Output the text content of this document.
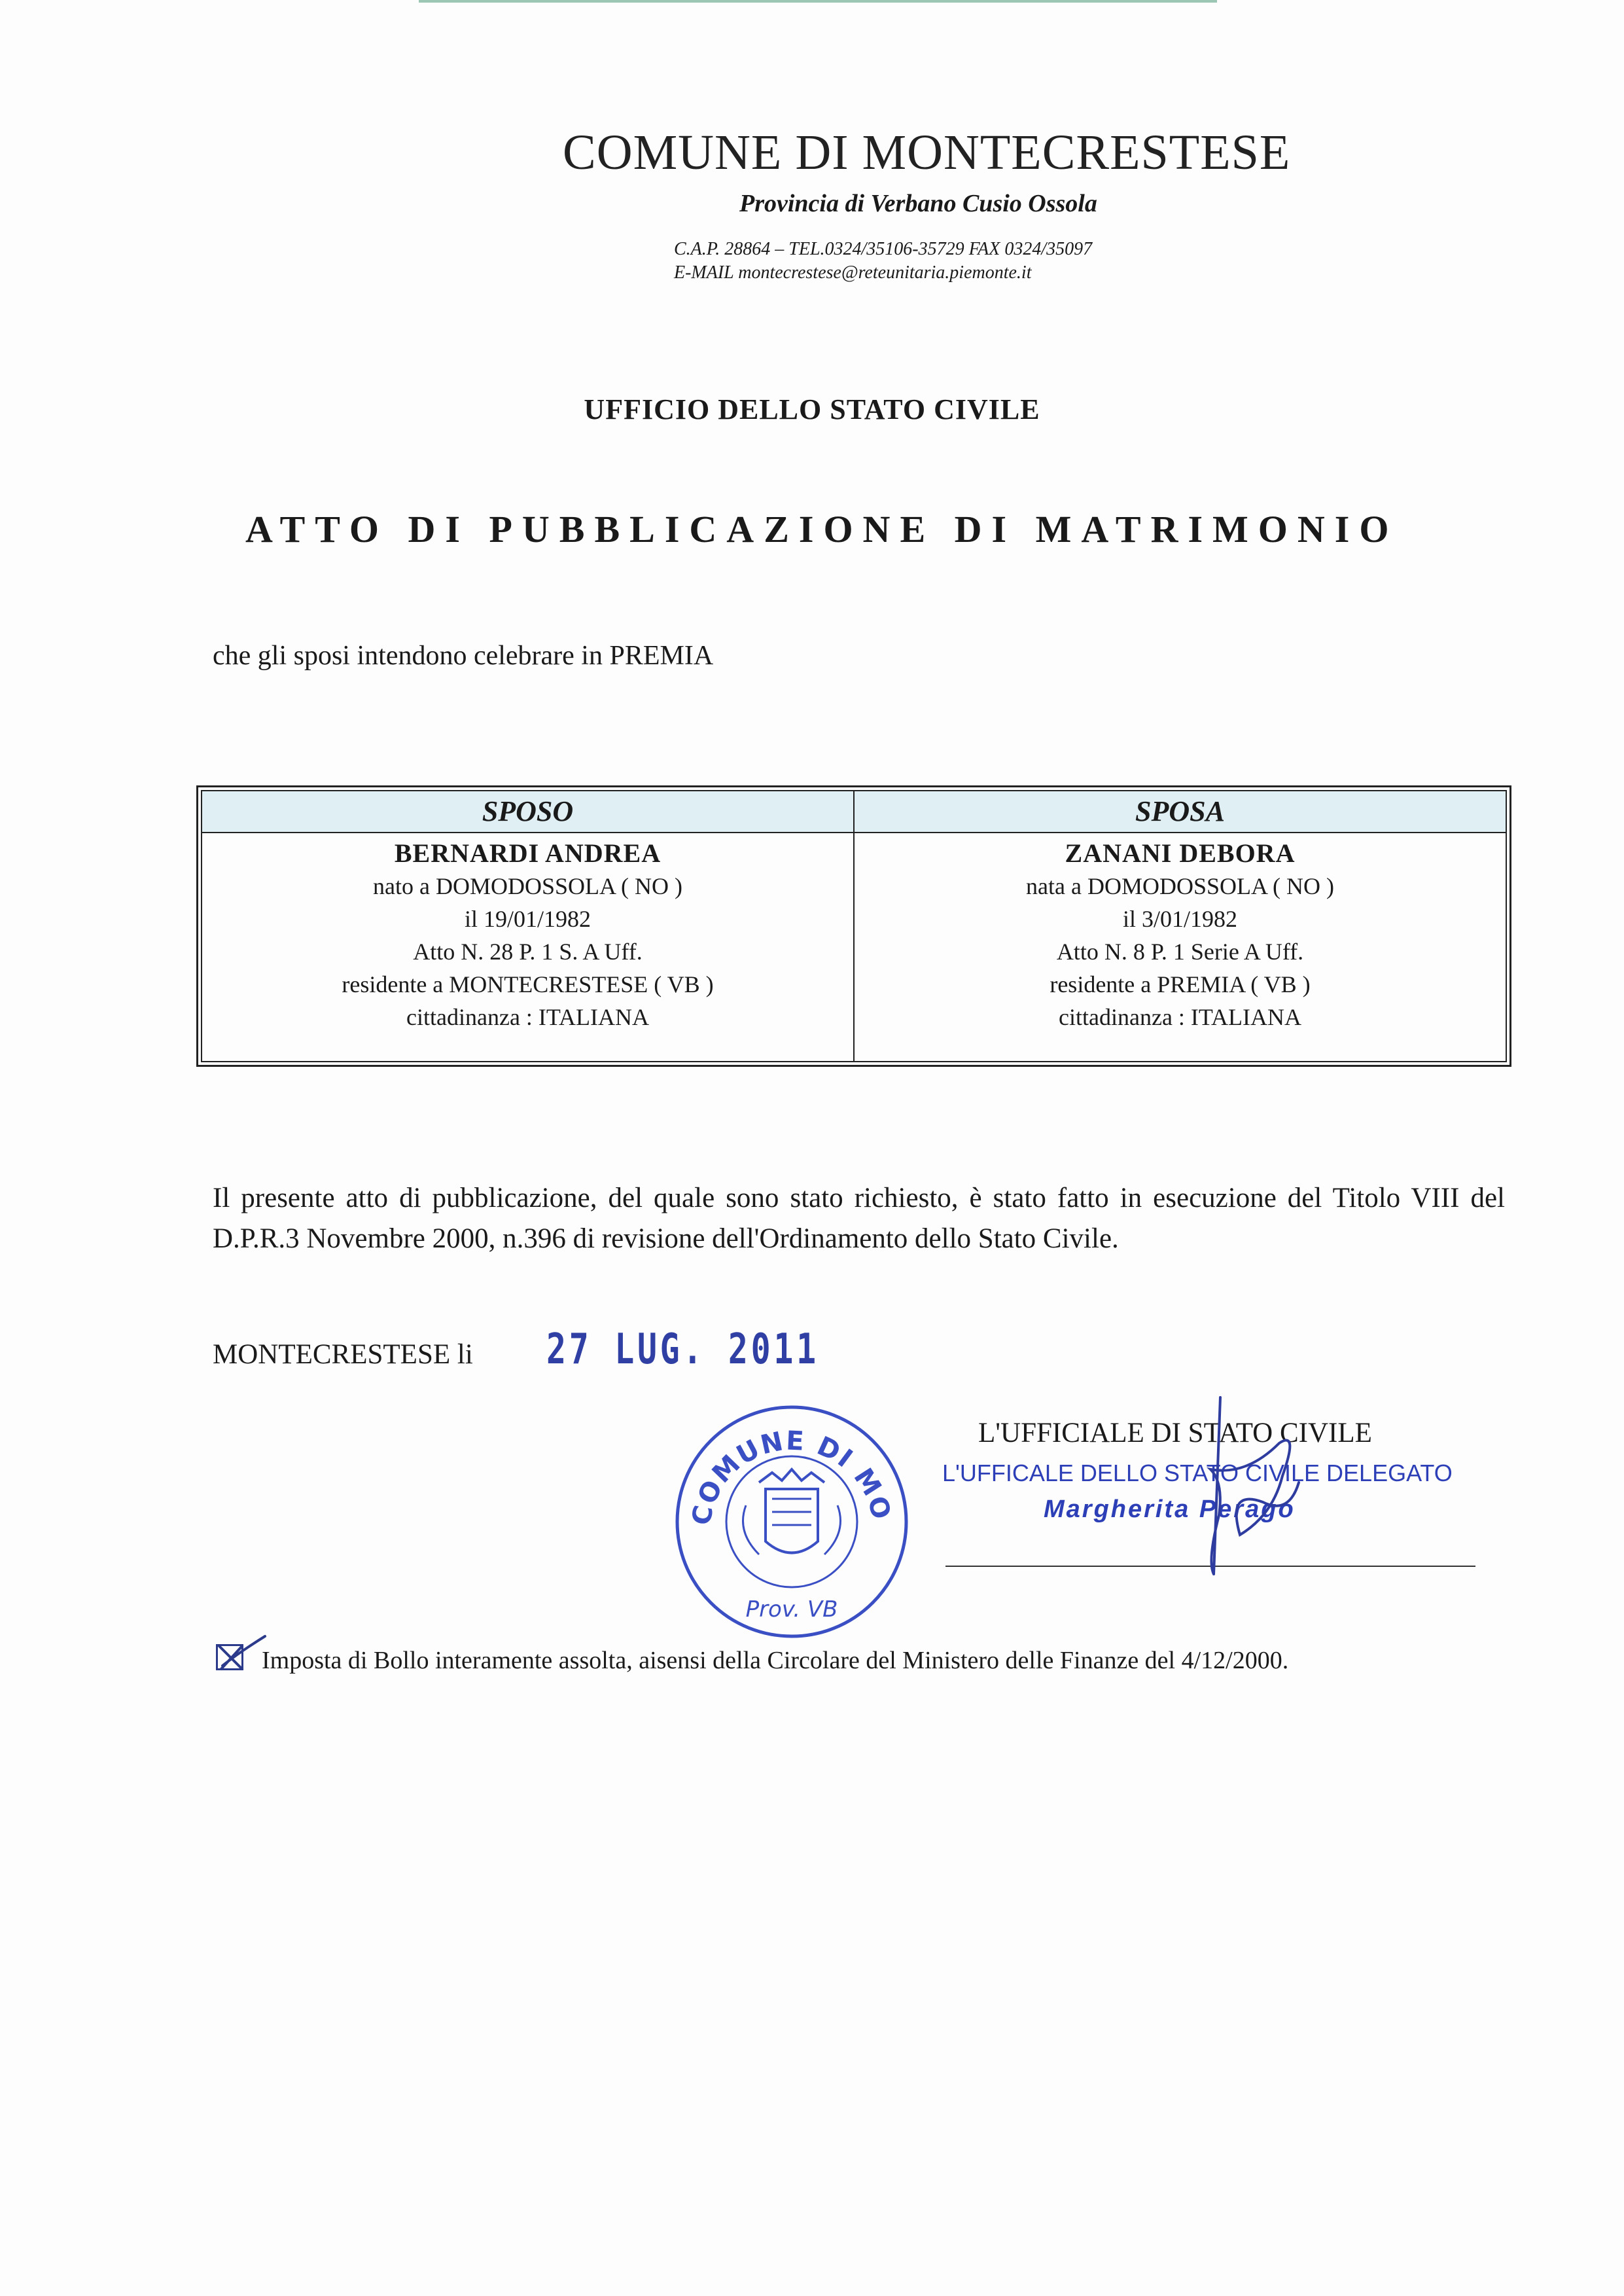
COMUNE DI MONTECRESTESE
Provincia di Verbano Cusio Ossola
C.A.P. 28864 – TEL.0324/35106-35729 FAX 0324/35097
E-MAIL montecrestese@reteunitaria.piemonte.it
UFFICIO DELLO STATO CIVILE
ATTO DI PUBBLICAZIONE DI MATRIMONIO
che gli sposi intendono celebrare in PREMIA
SPOSO
BERNARDI ANDREA
nato a DOMODOSSOLA ( NO )
il 19/01/1982
Atto N. 28 P. 1 S. A Uff.
residente a MONTECRESTESE ( VB )
cittadinanza : ITALIANA
SPOSA
ZANANI DEBORA
nata a DOMODOSSOLA ( NO )
il 3/01/1982
Atto N. 8 P. 1 Serie A Uff.
residente a PREMIA ( VB )
cittadinanza : ITALIANA
Il presente atto di pubblicazione, del quale sono stato richiesto, è stato fatto in esecuzione del Titolo VIII del D.P.R.3 Novembre 2000, n.396 di revisione dell'Ordinamento dello Stato Civile.
MONTECRESTESE li 27 LUG. 2011
COMUNE DI MO
Prov. VB
L'UFFICIALE DI STATO CIVILE
L'UFFICALE DELLO STATO CIVILE DELEGATO
Margherita Perago
Imposta di Bollo interamente assolta, aisensi della Circolare del Ministero delle Finanze del 4/12/2000.
